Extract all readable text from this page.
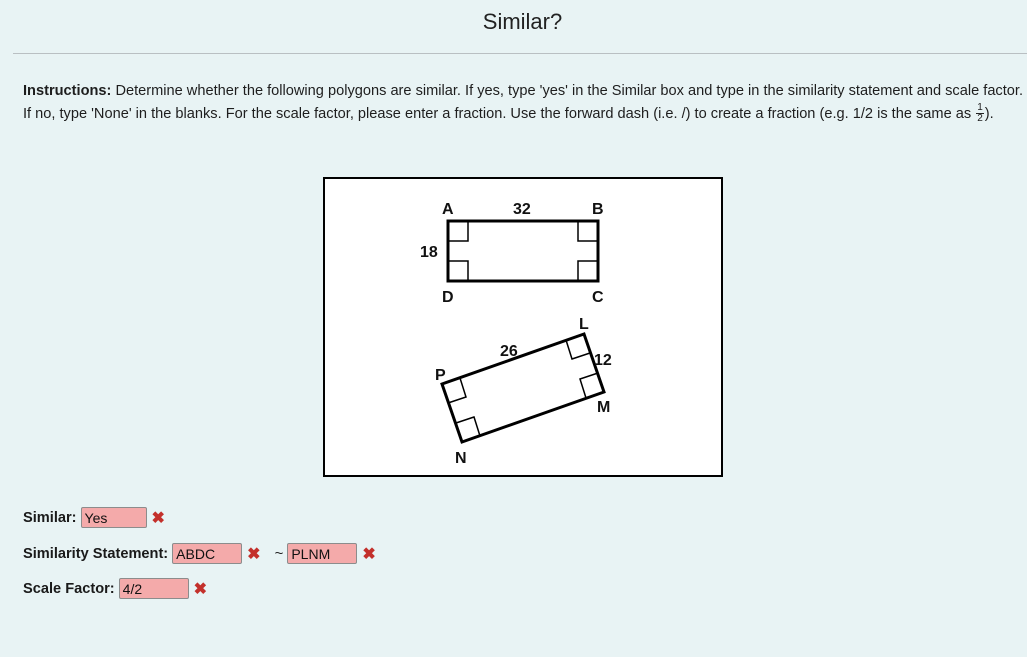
Similar?
Instructions: Determine whether the following polygons are similar. If yes, type 'yes' in the Similar box and type in the similarity statement and scale factor. If no, type 'None' in the blanks. For the scale factor, please enter a fraction. Use the forward dash (i.e. /) to create a fraction (e.g. 1/2 is the same as $\frac{1}{2}$ ).
A	B
C
D
32
18
L
M
N
P
26
12
Similar:
Yes	✖
Similarity Statement:
ABDC	✖ ~
PLNM	✖
Scale Factor:
4/2	✖
